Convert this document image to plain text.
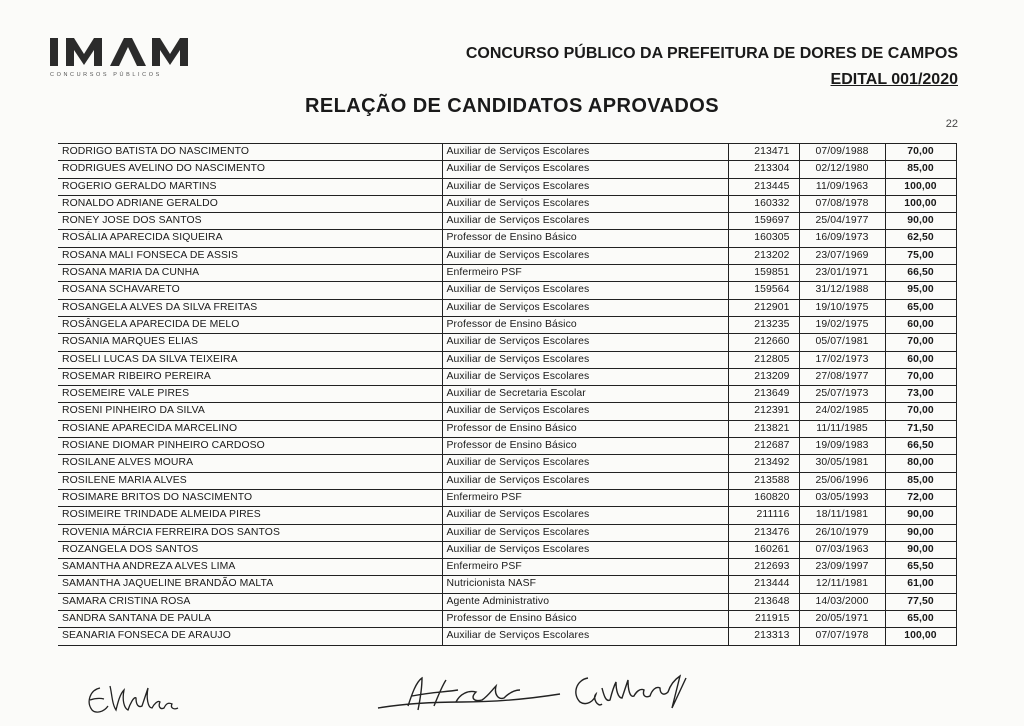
CONCURSOS PÚBLICOS
CONCURSO PÚBLICO DA PREFEITURA DE DORES DE CAMPOS
EDITAL 001/2020
RELAÇÃO DE CANDIDATOS APROVADOS
22
RODRIGO BATISTA DO NASCIMENTO	Auxiliar de Serviços Escolares	213471	07/09/1988	70,00
RODRIGUES AVELINO DO NASCIMENTO	Auxiliar de Serviços Escolares	213304	02/12/1980	85,00
ROGERIO GERALDO MARTINS	Auxiliar de Serviços Escolares	213445	11/09/1963	100,00
RONALDO ADRIANE GERALDO	Auxiliar de Serviços Escolares	160332	07/08/1978	100,00
RONEY JOSE DOS SANTOS	Auxiliar de Serviços Escolares	159697	25/04/1977	90,00
ROSÁLIA APARECIDA SIQUEIRA	Professor de Ensino Básico	160305	16/09/1973	62,50
ROSANA MALI FONSECA DE ASSIS	Auxiliar de Serviços Escolares	213202	23/07/1969	75,00
ROSANA MARIA DA CUNHA	Enfermeiro PSF	159851	23/01/1971	66,50
ROSANA SCHAVARETO	Auxiliar de Serviços Escolares	159564	31/12/1988	95,00
ROSANGELA ALVES DA SILVA FREITAS	Auxiliar de Serviços Escolares	212901	19/10/1975	65,00
ROSÂNGELA APARECIDA DE MELO	Professor de Ensino Básico	213235	19/02/1975	60,00
ROSANIA MARQUES ELIAS	Auxiliar de Serviços Escolares	212660	05/07/1981	70,00
ROSELI LUCAS DA SILVA TEIXEIRA	Auxiliar de Serviços Escolares	212805	17/02/1973	60,00
ROSEMAR RIBEIRO PEREIRA	Auxiliar de Serviços Escolares	213209	27/08/1977	70,00
ROSEMEIRE VALE PIRES	Auxiliar de Secretaria Escolar	213649	25/07/1973	73,00
ROSENI PINHEIRO DA SILVA	Auxiliar de Serviços Escolares	212391	24/02/1985	70,00
ROSIANE APARECIDA MARCELINO	Professor de Ensino Básico	213821	11/11/1985	71,50
ROSIANE DIOMAR PINHEIRO CARDOSO	Professor de Ensino Básico	212687	19/09/1983	66,50
ROSILANE ALVES MOURA	Auxiliar de Serviços Escolares	213492	30/05/1981	80,00
ROSILENE MARIA ALVES	Auxiliar de Serviços Escolares	213588	25/06/1996	85,00
ROSIMARE BRITOS DO NASCIMENTO	Enfermeiro PSF	160820	03/05/1993	72,00
ROSIMEIRE TRINDADE ALMEIDA PIRES	Auxiliar de Serviços Escolares	211116	18/11/1981	90,00
ROVENIA MÁRCIA FERREIRA DOS SANTOS	Auxiliar de Serviços Escolares	213476	26/10/1979	90,00
ROZANGELA DOS SANTOS	Auxiliar de Serviços Escolares	160261	07/03/1963	90,00
SAMANTHA ANDREZA ALVES LIMA	Enfermeiro PSF	212693	23/09/1997	65,50
SAMANTHA JAQUELINE BRANDÃO MALTA	Nutricionista NASF	213444	12/11/1981	61,00
SAMARA CRISTINA ROSA	Agente Administrativo	213648	14/03/2000	77,50
SANDRA SANTANA DE PAULA	Professor de Ensino Básico	211915	20/05/1971	65,00
SEANARIA FONSECA DE ARAUJO	Auxiliar de Serviços Escolares	213313	07/07/1978	100,00
